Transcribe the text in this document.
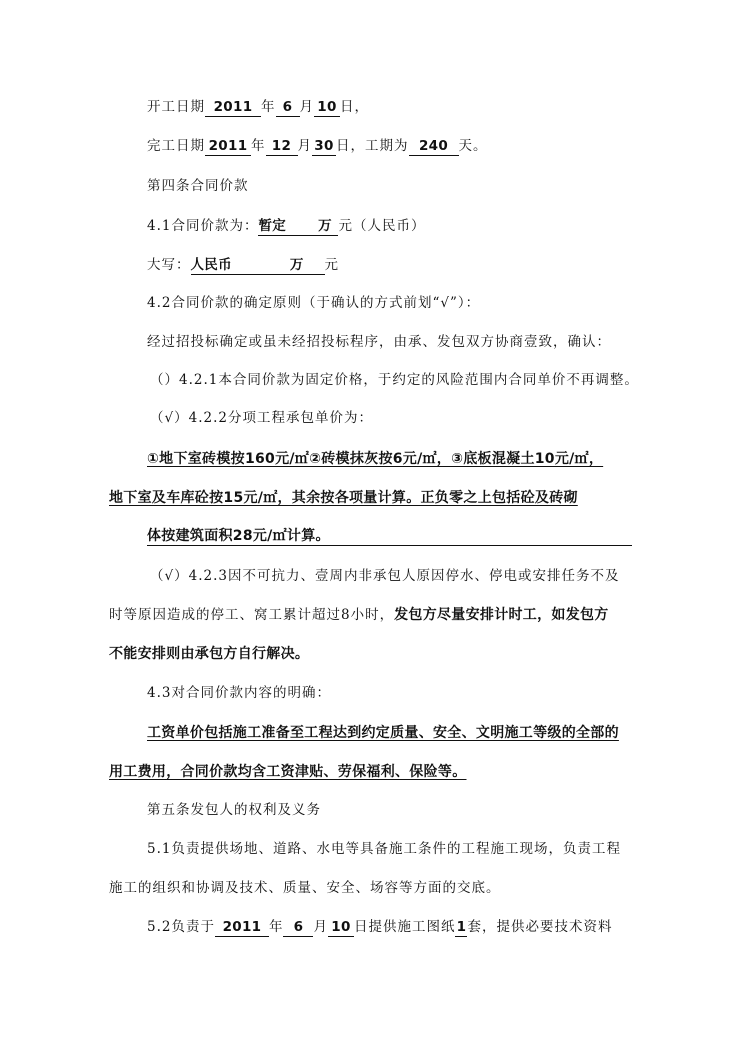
开工日期 2011 年 6 月 10 日，
完工日期 2011 年 12 月 30 日，工期为 240 天。
第四条合同价款
4.1合同价款为：暂定 万 元（人民币）
大写：人民币	万 元
4.2合同价款的确定原则（于确认的方式前划“√”）：
经过招投标确定或虽未经招投标程序，由承、发包双方协商壹致，确认：
（）4.2.1本合同价款为固定价格，于约定的风险范围内合同单价不再调整。
（√）4.2.2分项工程承包单价为：
①地下室砖模按160元/㎡②砖模抹灰按6元/㎡，③底板混凝土10元/㎡，
地下室及车库砼按15元/㎡，其余按各项量计算。正负零之上包括砼及砖砌
体按建筑面积28元/㎡计算。
（√）4.2.3因不可抗力、壹周内非承包人原因停水、停电或安排任务不及
时等原因造成的停工、窝工累计超过8小时，发包方尽量安排计时工，如发包方
不能安排则由承包方自行解决。
4.3对合同价款内容的明确：
工资单价包括施工准备至工程达到约定质量、安全、文明施工等级的全部的
用工费用，合同价款均含工资津贴、劳保福利、保险等。
第五条发包人的权利及义务
5.1负责提供场地、道路、水电等具备施工条件的工程施工现场，负责工程
施工的组织和协调及技术、质量、安全、场容等方面的交底。
5.2负责于 2011 年 6 月 10 日提供施工图纸1套，提供必要技术资料
